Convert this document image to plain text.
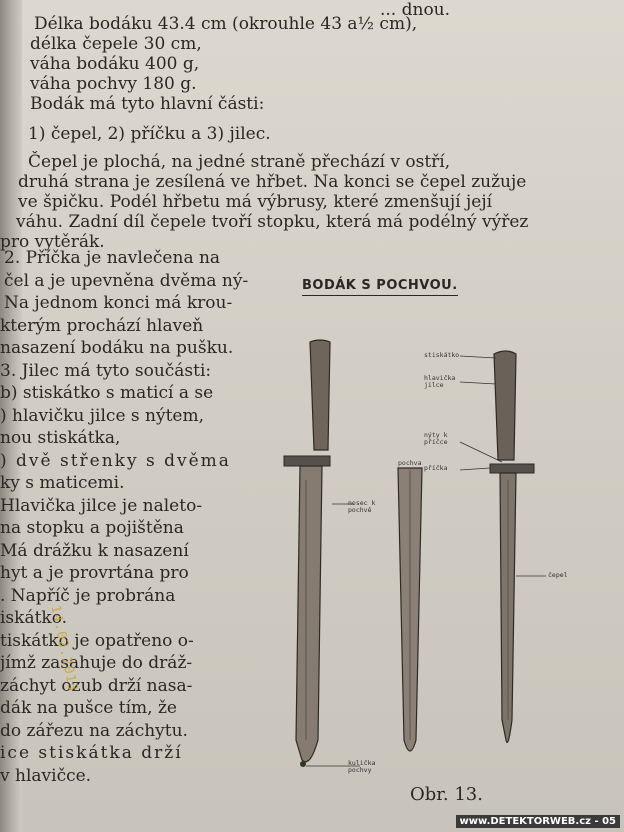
... dnou.
Délka bodáku 43.4 cm (okrouhle 43 a½ cm),
délka čepele 30 cm,
váha bodáku 400 g,
váha pochvy 180 g.
Bodák má tyto hlavní části:
1) čepel, 2) příčku a 3) jilec.
Čepel je plochá, na jedné straně přechází v ostří,
druhá strana je zesílená ve hřbet. Na konci se čepel zužuje
ve špičku. Podél hřbetu má výbrusy, které zmenšují její
váhu. Zadní díl čepele tvoří stopku, která má podélný výřez
pro vytěrák.
2. Příčka je navlečena na
čel a je upevněna dvěma ný-
Na jednom konci má krou-
kterým prochází hlaveň
nasazení bodáku na pušku.
3. Jilec má tyto součásti:
b) stiskátko s maticí a se
) hlavičku jilce s nýtem,
nou stiskátka,
) dvě střenky s dvěma
ky s maticemi.
Hlavička jilce je naleto-
na stopku a pojištěna
Má drážku k nasazení
hyt a je provrtána pro
. Napříč je probrána
iskátko.
tiskátko je opatřeno o-
jímž zasahuje do dráž-
záchyt ozub drží nasa-
dák na pušce tím, že
do zářezu na záchytu.
ice stiskátka drží
v hlavičce.
BODÁK S POCHVOU.
stiskátko
hlavička jilce
nýty k příčce
příčka
pochva
nosec k pochvě
čepel
kulička pochvy
Obr. 13.
14.02.2013
www.DETEKTORWEB.cz - 05
